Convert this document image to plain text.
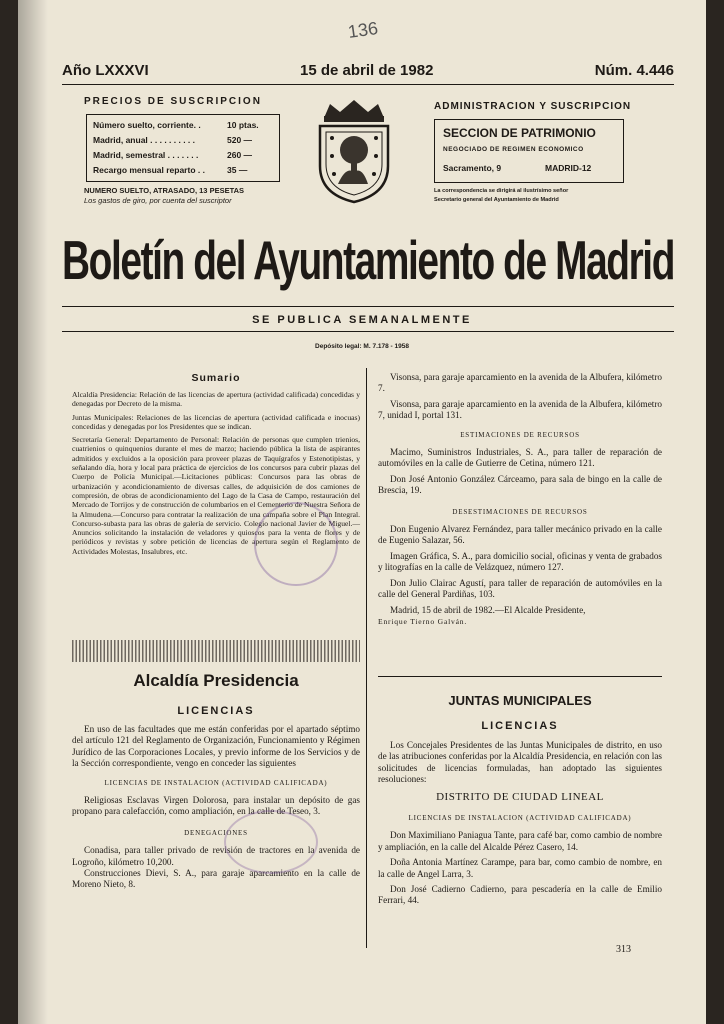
136
Año LXXXVI	15 de abril de 1982	Núm. 4.446
PRECIOS DE SUSCRIPCION
Número suelto, corriente. .	10 ptas.
Madrid, anual . . . . . . . . . .	520 —
Madrid, semestral . . . . . . .	260 —
Recargo mensual reparto . .	35 —
NUMERO SUELTO, ATRASADO, 13 PESETAS
Los gastos de giro, por cuenta del suscriptor
ADMINISTRACION Y SUSCRIPCION
SECCION DE PATRIMONIO
NEGOCIADO DE REGIMEN ECONOMICO
Sacramento, 9	MADRID-12
La correspondencia se dirigirá al ilustrísimo señor
Secretario general del Ayuntamiento de Madrid
Boletín del Ayuntamiento de Madrid
SE PUBLICA SEMANALMENTE
Depósito legal: M. 7.178 - 1958
Sumario

Alcaldía Presidencia: Relación de las licencias de apertura (actividad calificada) concedidas y denegadas por Decreto de la misma.

Juntas Municipales: Relaciones de las licencias de apertura (actividad calificada e inocuas) concedidas y denegadas por los Presidentes que se indican.

Secretaría General: Departamento de Personal: Relación de personas que cumplen trienios, cuatrienios o quinquenios durante el mes de marzo; haciendo pública la lista de aspirantes admitidos y excluidos a la oposición para proveer plazas de Taquígrafos y Estenotipistas, y señalando día, hora y local para práctica de ejercicios de los concursos para cubrir plazas del Cuerpo de Policía Municipal.—Licitaciones públicas: Concursos para las obras de urbanización y acondicionamiento de diversas calles, de adquisición de dos camiones de compresión, de obras de acondicionamiento del Lago de la Casa de Campo, restauración del Mercado de Torrijos y de construcción de columbarios en el Cementerio de Nuestra Señora de la Almudena.—Concurso para contratar la realización de una campaña sobre el Plan Integral. Concurso-subasta para las obras de galería de servicio. Colegio nacional Javier de Miguel.—Anuncios solicitando la instalación de veladores y quioscos para la venta de flores y de periódicos y revistas y sobre petición de licencias de apertura según el Reglamento de Actividades Molestas, Insalubres, etc.

Alcaldía Presidencia
LICENCIAS

En uso de las facultades que me están conferidas por el apartado séptimo del artículo 121 del Reglamento de Organización, Funcionamiento y Régimen Jurídico de las Corporaciones Locales, y previo informe de los Servicios y de la Sección correspondiente, vengo en conceder las siguientes

LICENCIAS DE INSTALACION (ACTIVIDAD CALIFICADA)

Religiosas Esclavas Virgen Dolorosa, para instalar un depósito de gas propano para calefacción, como ampliación, en la calle de Teseo, 3.

DENEGACIONES

Conadisa, para taller privado de revisión de tractores en la avenida de Logroño, kilómetro 10,200.

Construcciones Dievi, S. A., para garaje aparcamiento en la calle de Moreno Nieto, 8.

Visonsa, para garaje aparcamiento en la avenida de la Albufera, kilómetro 7.

Visonsa, para garaje aparcamiento en la avenida de la Albufera, kilómetro 7, unidad I, portal 131.

ESTIMACIONES DE RECURSOS

Macimo, Suministros Industriales, S. A., para taller de reparación de automóviles en la calle de Gutierre de Cetina, número 121.

Don José Antonio González Cárceamo, para sala de bingo en la calle de Brescia, 19.

DESESTIMACIONES DE RECURSOS

Don Eugenio Alvarez Fernández, para taller mecánico privado en la calle de Eugenio Salazar, 56.

Imagen Gráfica, S. A., para domicilio social, oficinas y venta de grabados y litografías en la calle de Velázquez, número 127.

Don Julio Clairac Agustí, para taller de reparación de automóviles en la calle del General Pardiñas, 103.

Madrid, 15 de abril de 1982.—El Alcalde Presidente,

Enrique Tierno Galván.
JUNTAS MUNICIPALES
LICENCIAS

Los Concejales Presidentes de las Juntas Municipales de distrito, en uso de las atribuciones conferidas por la Alcaldía Presidencia, en relación con las solicitudes de licencias formuladas, han adoptado las siguientes resoluciones:

DISTRITO DE CIUDAD LINEAL
LICENCIAS DE INSTALACION (ACTIVIDAD CALIFICADA)

Don Maximiliano Paniagua Tante, para café bar, como cambio de nombre y ampliación, en la calle del Alcalde Pérez Casero, 14.

Doña Antonia Martínez Carampe, para bar, como cambio de nombre, en la calle de Angel Larra, 3.

Don José Cadierno Cadierno, para pescadería en la calle de Emilio Ferrari, 44.

313
